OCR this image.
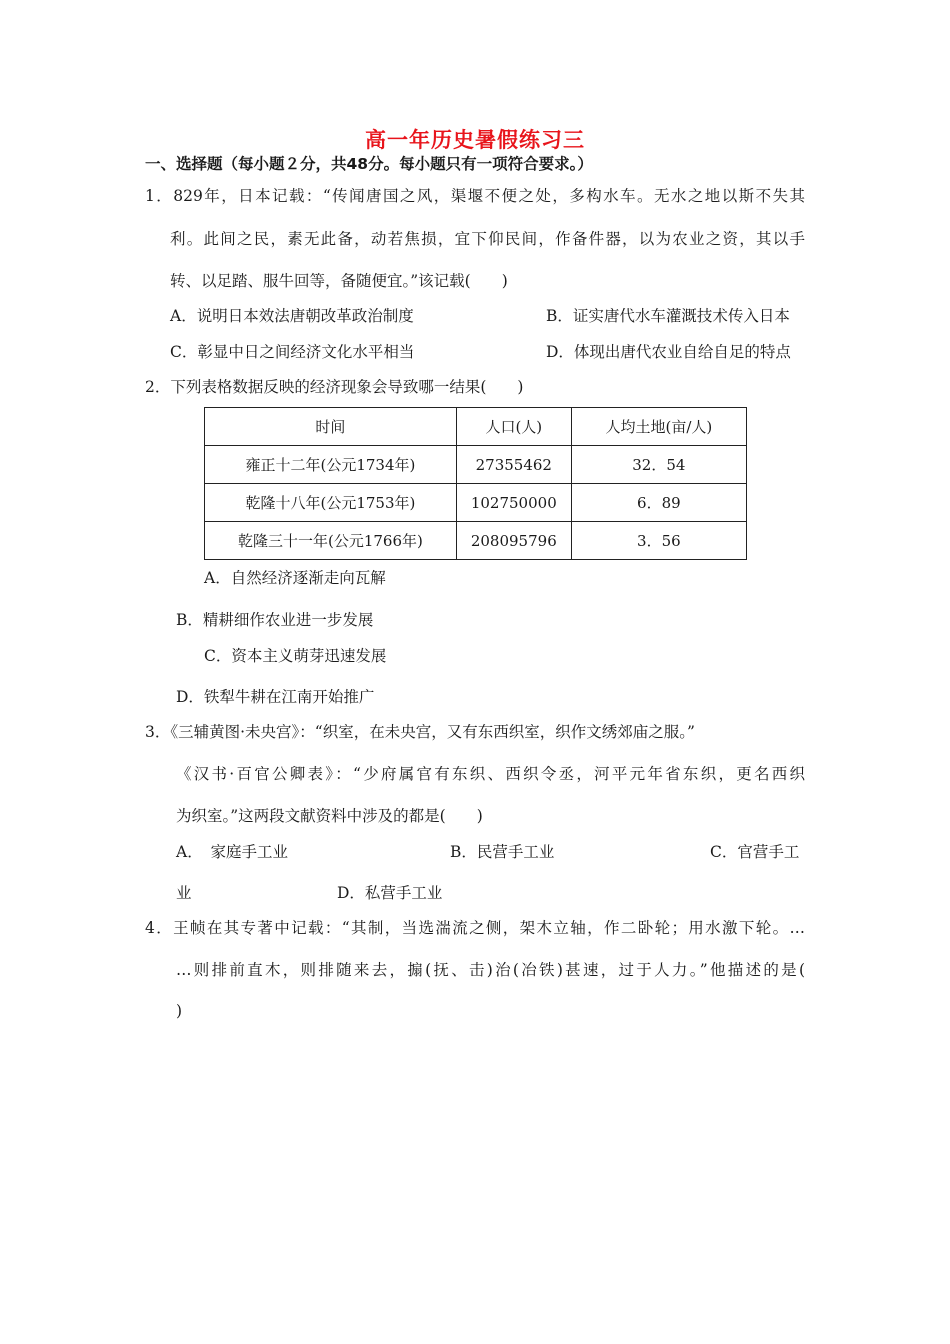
高一年历史暑假练习三
一、选择题（每小题２分，共48分。每小题只有一项符合要求。）
1．829年，日本记载：“传闻唐国之风，渠堰不便之处，多构水车。无水之地以斯不失其
利。此间之民，素无此备，动若焦损，宜下仰民间，作备件器，以为农业之资，其以手
转、以足踏、服牛回等，备随便宜。”该记载(　　)
A．说明日本效法唐朝改革政治制度	B．证实唐代水车灌溉技术传入日本
C．彰显中日之间经济文化水平相当	D．体现出唐代农业自给自足的特点
2．下列表格数据反映的经济现象会导致哪一结果(　　)
时间	人口(人)	人均土地(亩/人)
雍正十二年(公元1734年)	27355462	32．54
乾隆十八年(公元1753年)	102750000	6．89
乾隆三十一年(公元1766年)	208095796	3．56
A．自然经济逐渐走向瓦解
B．精耕细作农业进一步发展
C．资本主义萌芽迅速发展
D．铁犁牛耕在江南开始推广
3．《三辅黄图·未央宫》：“织室，在未央宫，又有东西织室，织作文绣郊庙之服。”
《汉书·百官公卿表》：“少府属官有东织、西织令丞，河平元年省东织，更名西织
为织室。”这两段文献资料中涉及的都是(　　)
A．　家庭手工业	B．民营手工业	C．官营手工
业	D．私营手工业
4．王帧在其专著中记载：“其制，当选湍流之侧，架木立轴，作二卧轮；用水激下轮。…
…则排前直木，则排随来去，搧(抚、击)治(冶铁)甚速，过于人力。”他描述的是(
)
